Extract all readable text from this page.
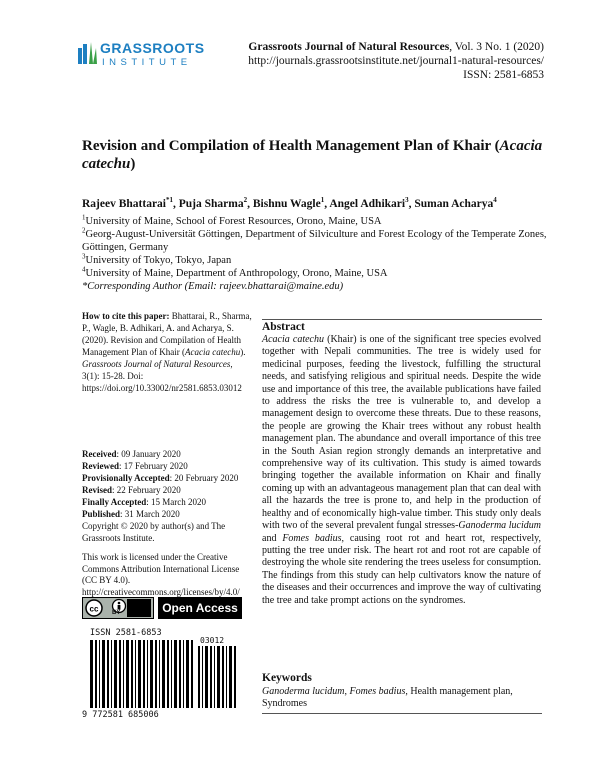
GRASSROOTS
INSTITUTE
Grassroots Journal of Natural Resources, Vol. 3 No. 1 (2020)
http://journals.grassrootsinstitute.net/journal1-natural-resources/
ISSN: 2581-6853
Revision and Compilation of Health Management Plan of Khair (Acacia catechu)
Rajeev Bhattarai$^{*1}$, Puja Sharma$^2$, Bishnu Wagle$^1$, Angel Adhikari$^3$, Suman Acharya$^4$
$^1$University of Maine, School of Forest Resources, Orono, Maine, USA
$^2$Georg-August-Universität Göttingen, Department of Silviculture and Forest Ecology of the Temperate Zones, Göttingen, Germany
$^3$University of Tokyo, Tokyo, Japan
$^4$University of Maine, Department of Anthropology, Orono, Maine, USA
*Corresponding Author (Email: rajeev.bhattarai@maine.edu)
How to cite this paper: Bhattarai, R., Sharma, P., Wagle, B. Adhikari, A. and Acharya, S. (2020). Revision and Compilation of Health Management Plan of Khair (Acacia catechu). Grassroots Journal of Natural Resources, 3(1): 15-28. Doi: https://doi.org/10.33002/nr2581.6853.03012
Received: 09 January 2020
Reviewed: 17 February 2020
Provisionally Accepted: 20 February 2020
Revised: 22 February 2020
Finally Accepted: 15 March 2020
Published: 31 March 2020
Copyright © 2020 by author(s) and The Grassroots Institute.
This work is licensed under the Creative Commons Attribution International License (CC BY 4.0).
http://creativecommons.org/licenses/by/4.0/
cc BY	Open Access
ISSN 2581-6853
03012
9 772581 685006
Abstract
Acacia catechu (Khair) is one of the significant tree species evolved together with Nepali communities. The tree is widely used for medicinal purposes, feeding the livestock, fulfilling the structural needs, and satisfying religious and spiritual needs. Despite the wide use and importance of this tree, the available publications have failed to address the risks the tree is vulnerable to, and develop a management design to overcome these threats. Due to these reasons, the people are growing the Khair trees without any robust health management plan. The abundance and overall importance of this tree in the South Asian region strongly demands an interpretative and comprehensive way of its cultivation. This study is aimed towards bringing together the available information on Khair and finally coming up with an advantageous management plan that can deal with all the hazards the tree is prone to, and help in the production of healthy and of economically high-value timber. This study only deals with two of the several prevalent fungal stresses-Ganoderma lucidum and Fomes badius, causing root rot and heart rot, respectively, putting the tree under risk. The heart rot and root rot are capable of destroying the whole site rendering the trees useless for consumption. The findings from this study can help cultivators know the nature of the diseases and their occurrences and improve the way of cultivating the tree and take prompt actions on the syndromes.
Keywords
Ganoderma lucidum, Fomes badius, Health management plan, Syndromes
